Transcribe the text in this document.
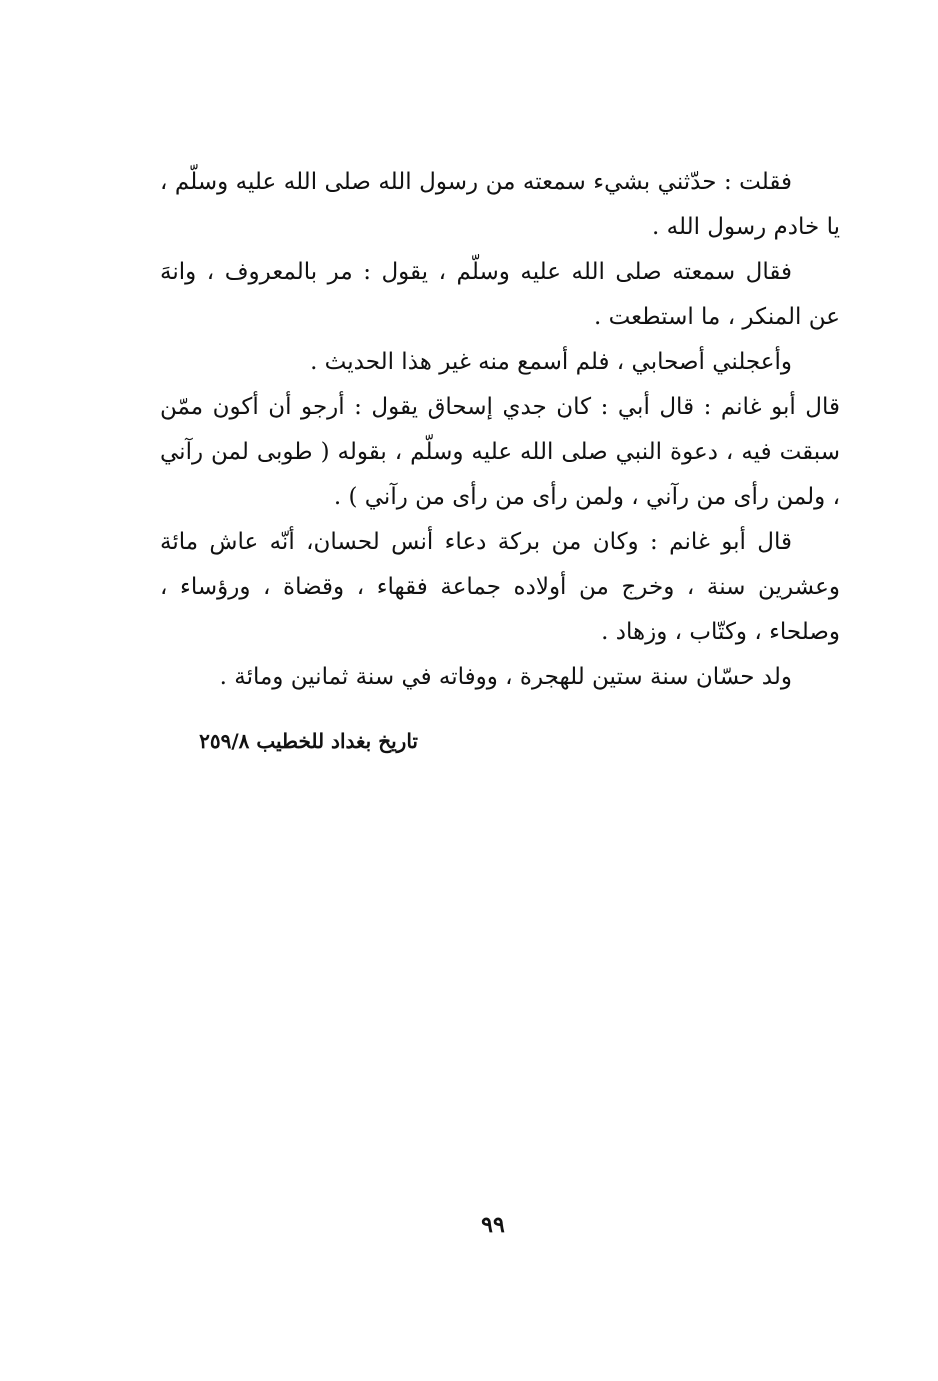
فقلت : حدّثني بشيء سمعته من رسول الله صلى الله عليه وسلّم ، يا خادم رسول الله .

فقال سمعته صلى الله عليه وسلّم ، يقول : مر بالمعروف ، وانهَ عن المنكر ، ما استطعت .

وأعجلني أصحابي ، فلم أسمع منه غير هذا الحديث .

قال أبو غانم : قال أبي : كان جدي إسحاق يقول : أرجو أن أكون ممّن سبقت فيه ، دعوة النبي صلى الله عليه وسلّم ، بقوله ( طوبى لمن رآني ، ولمن رأى من رآني ، ولمن رأى من رأى من رآني ) .

قال أبو غانم : وكان من بركة دعاء أنس لحسان، أنّه عاش مائة وعشرين سنة ، وخرج من أولاده جماعة فقهاء ، وقضاة ، ورؤساء ، وصلحاء ، وكتّاب ، وزهاد .

ولد حسّان سنة ستين للهجرة ، ووفاته في سنة ثمانين ومائة .

تاريخ بغداد للخطيب ٢٥٩/٨
٩٩
